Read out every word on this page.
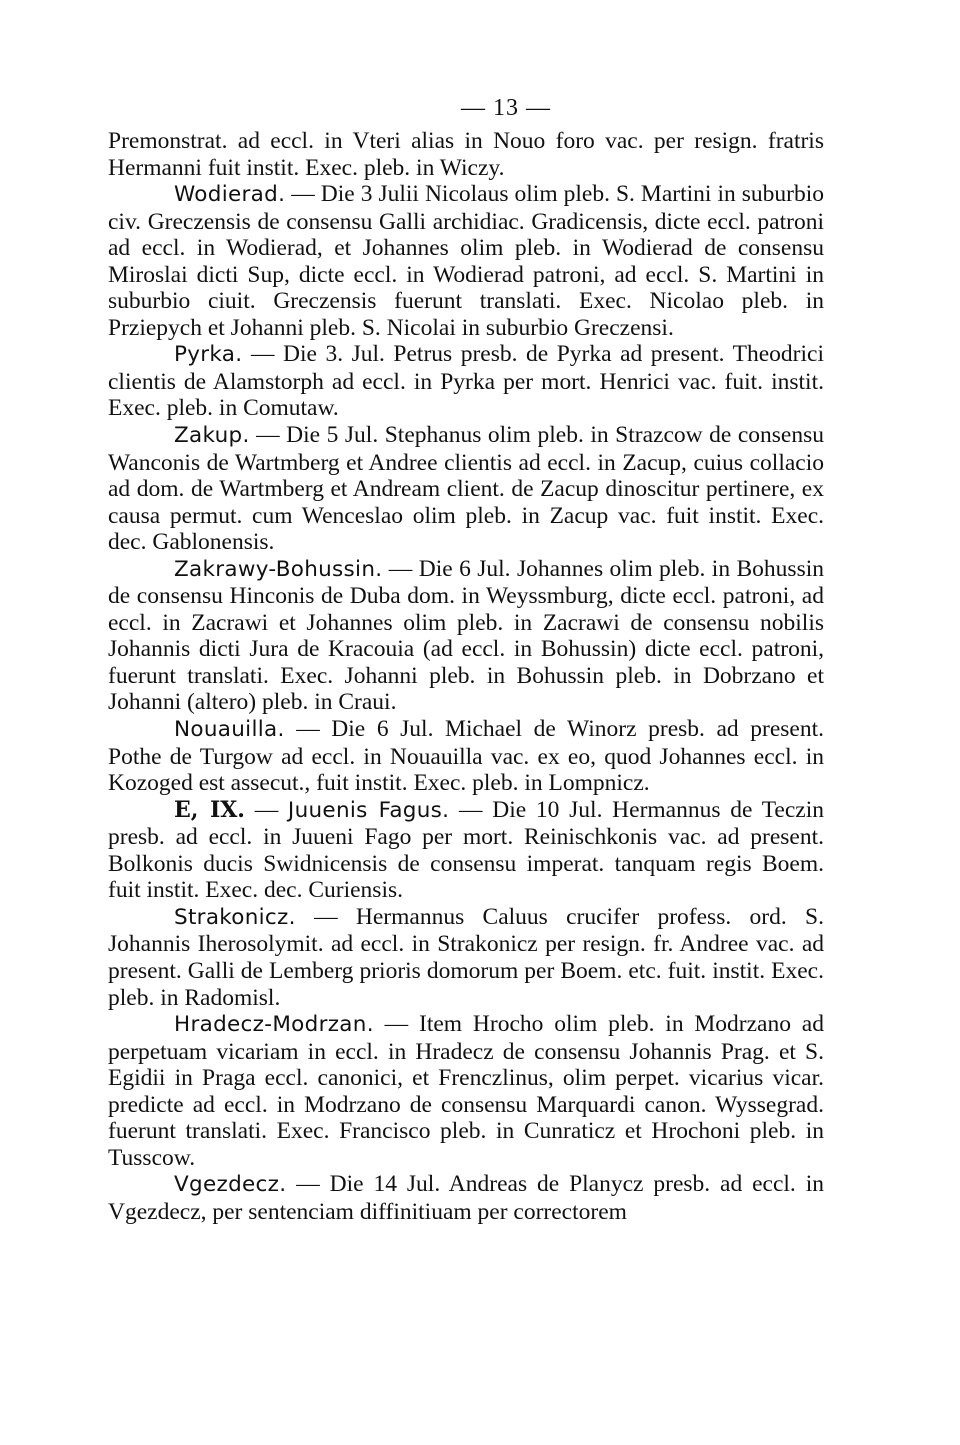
— 13 —

Premonstrat. ad eccl. in Vteri alias in Nouo foro vac. per resign. fratris Hermanni fuit instit. Exec. pleb. in Wiczy.

Wodierad. — Die 3 Julii Nicolaus olim pleb. S. Martini in suburbio civ. Greczensis de consensu Galli archidiac. Gradicensis, dicte eccl. patroni ad eccl. in Wodierad, et Johannes olim pleb. in Wodierad de consensu Miroslai dicti Sup, dicte eccl. in Wodierad patroni, ad eccl. S. Martini in suburbio ciuit. Greczensis fuerunt translati. Exec. Nicolao pleb. in Prziepych et Johanni pleb. S. Nicolai in suburbio Greczensi.

Pyrka. — Die 3. Jul. Petrus presb. de Pyrka ad present. Theodrici clientis de Alamstorph ad eccl. in Pyrka per mort. Henrici vac. fuit. instit. Exec. pleb. in Comutaw.

Zakup. — Die 5 Jul. Stephanus olim pleb. in Strazcow de consensu Wanconis de Wartmberg et Andree clientis ad eccl. in Zacup, cuius collacio ad dom. de Wartmberg et Andream client. de Zacup dinoscitur pertinere, ex causa permut. cum Wenceslao olim pleb. in Zacup vac. fuit instit. Exec. dec. Gablonensis.

Zakrawy-Bohussin. — Die 6 Jul. Johannes olim pleb. in Bohussin de consensu Hinconis de Duba dom. in Weyssmburg, dicte eccl. patroni, ad eccl. in Zacrawi et Johannes olim pleb. in Zacrawi de consensu nobilis Johannis dicti Jura de Kracouia (ad eccl. in Bohussin) dicte eccl. patroni, fuerunt translati. Exec. Johanni pleb. in Bohussin pleb. in Dobrzano et Johanni (altero) pleb. in Craui.

Nouauilla. — Die 6 Jul. Michael de Winorz presb. ad present. Pothe de Turgow ad eccl. in Nouauilla vac. ex eo, quod Johannes eccl. in Kozoged est assecut., fuit instit. Exec. pleb. in Lompnicz.

E, IX. — Juuenis Fagus. — Die 10 Jul. Hermannus de Teczin presb. ad eccl. in Juueni Fago per mort. Reinischkonis vac. ad present. Bolkonis ducis Swidnicensis de consensu imperat. tanquam regis Boem. fuit instit. Exec. dec. Curiensis.

Strakonicz. — Hermannus Caluus crucifer profess. ord. S. Johannis Iherosolymit. ad eccl. in Strakonicz per resign. fr. Andree vac. ad present. Galli de Lemberg prioris domorum per Boem. etc. fuit. instit. Exec. pleb. in Radomisl.

Hradecz-Modrzan. — Item Hrocho olim pleb. in Modrzano ad perpetuam vicariam in eccl. in Hradecz de consensu Johannis Prag. et S. Egidii in Praga eccl. canonici, et Frenczlinus, olim perpet. vicarius vicar. predicte ad eccl. in Modrzano de consensu Marquardi canon. Wyssegrad. fuerunt translati. Exec. Francisco pleb. in Cunraticz et Hrochoni pleb. in Tusscow.

Vgezdecz. — Die 14 Jul. Andreas de Planycz presb. ad eccl. in Vgezdecz, per sentenciam diffinitiuam per correctorem
